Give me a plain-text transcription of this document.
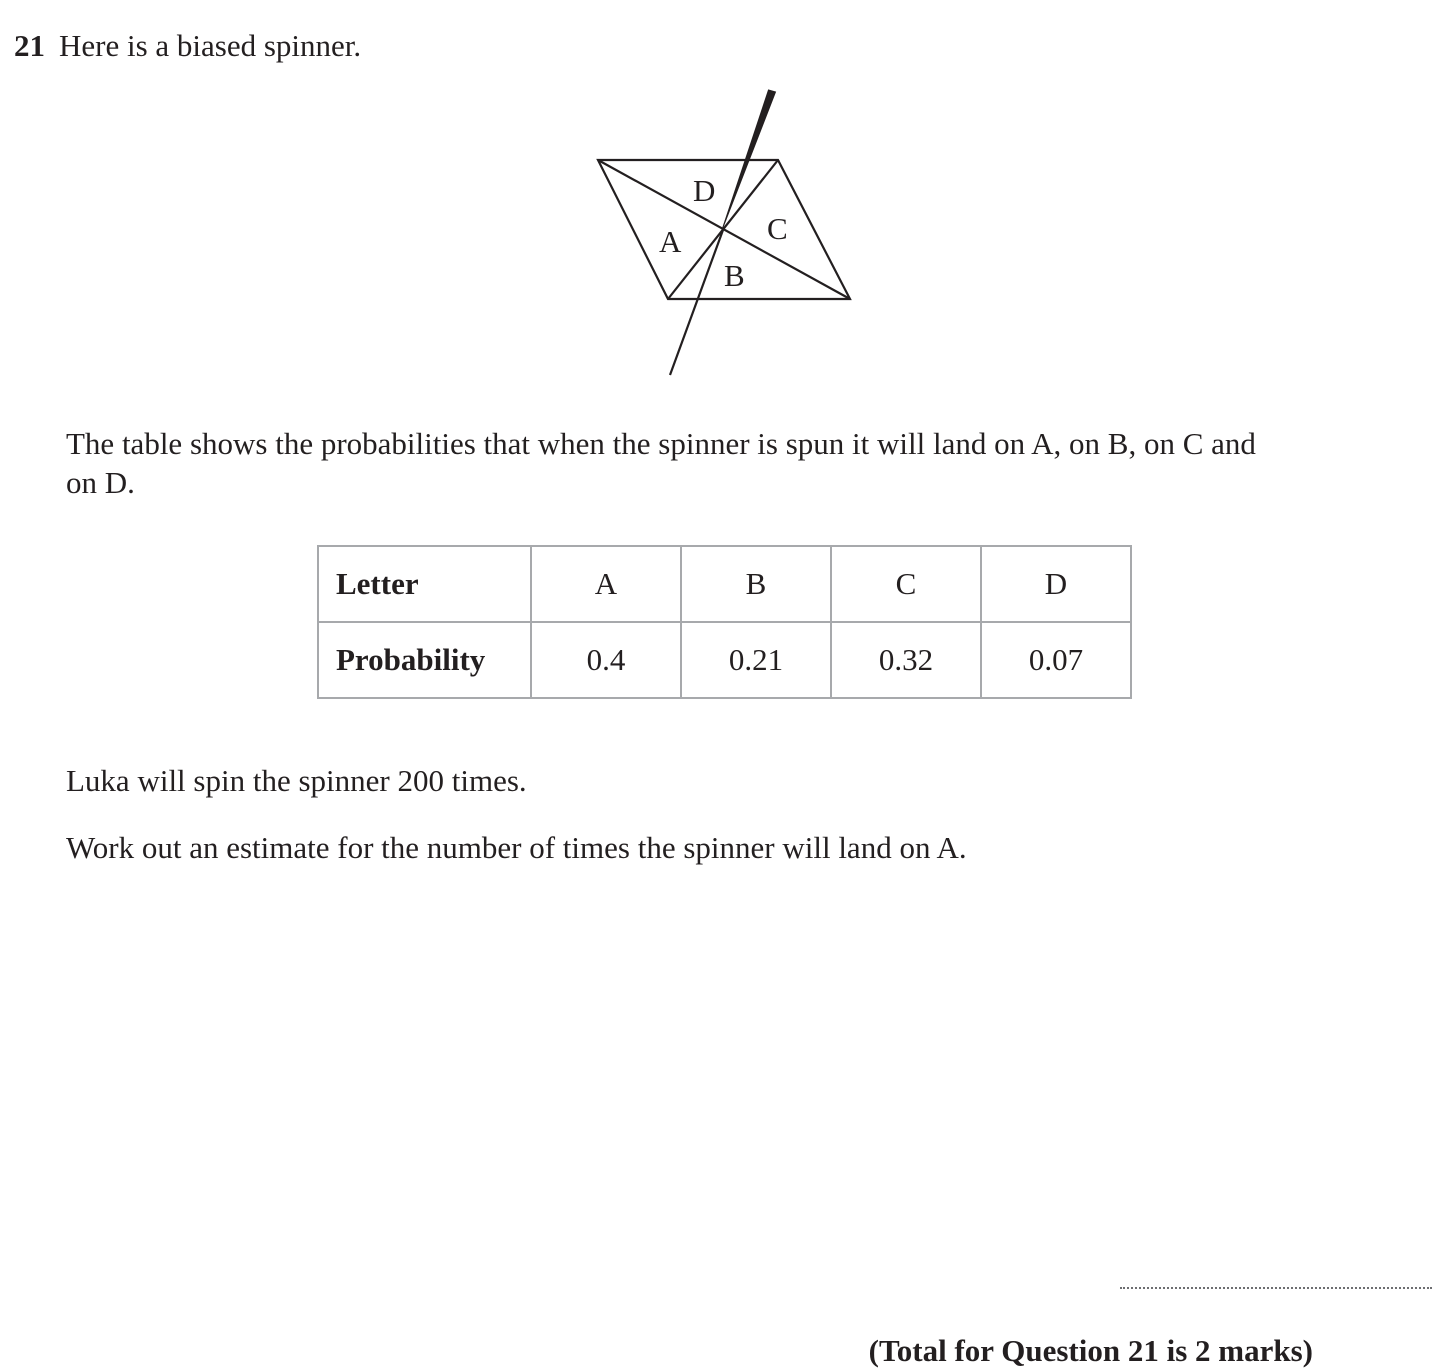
21 Here is a biased spinner.
D
A	C
B

The table shows the probabilities that when the spinner is spun it will land on A, on B, on C and on D.

Letter	A	B	C	D
Probability	0.4	0.21	0.32	0.07

Luka will spin the spinner 200 times.

Work out an estimate for the number of times the spinner will land on A.

(Total for Question 21 is 2 marks)
